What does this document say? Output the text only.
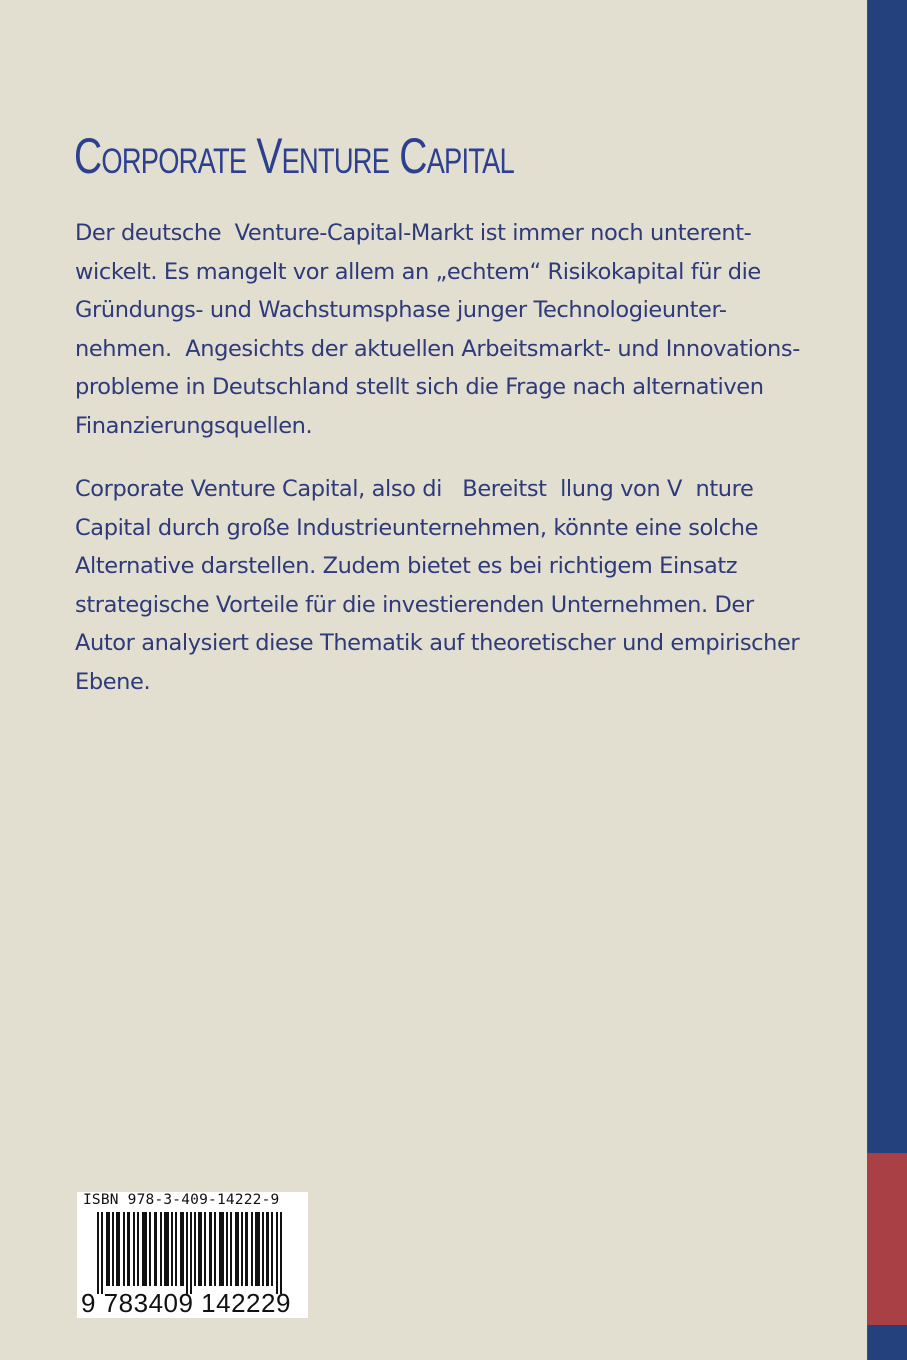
Corporate Venture Capital
Der deutsche  Venture-Capital-Markt ist immer noch unterent-
wickelt. Es mangelt vor allem an „echtem“ Risikokapital für die
Gründungs- und Wachstumsphase junger Technologieunter-
nehmen.  Angesichts der aktuellen Arbeitsmarkt- und Innovations-
probleme in Deutschland stellt sich die Frage nach alternativen
Finanzierungsquellen.
Corporate Venture Capital, also di   Bereitst  llung von V  nture
Capital durch große Industrieunternehmen, könnte eine solche
Alternative darstellen. Zudem bietet es bei richtigem Einsatz
strategische Vorteile für die investierenden Unternehmen. Der
Autor analysiert diese Thematik auf theoretischer und empirischer
Ebene.
ISBN 978-3-409-14222-9
9 783409 142229
